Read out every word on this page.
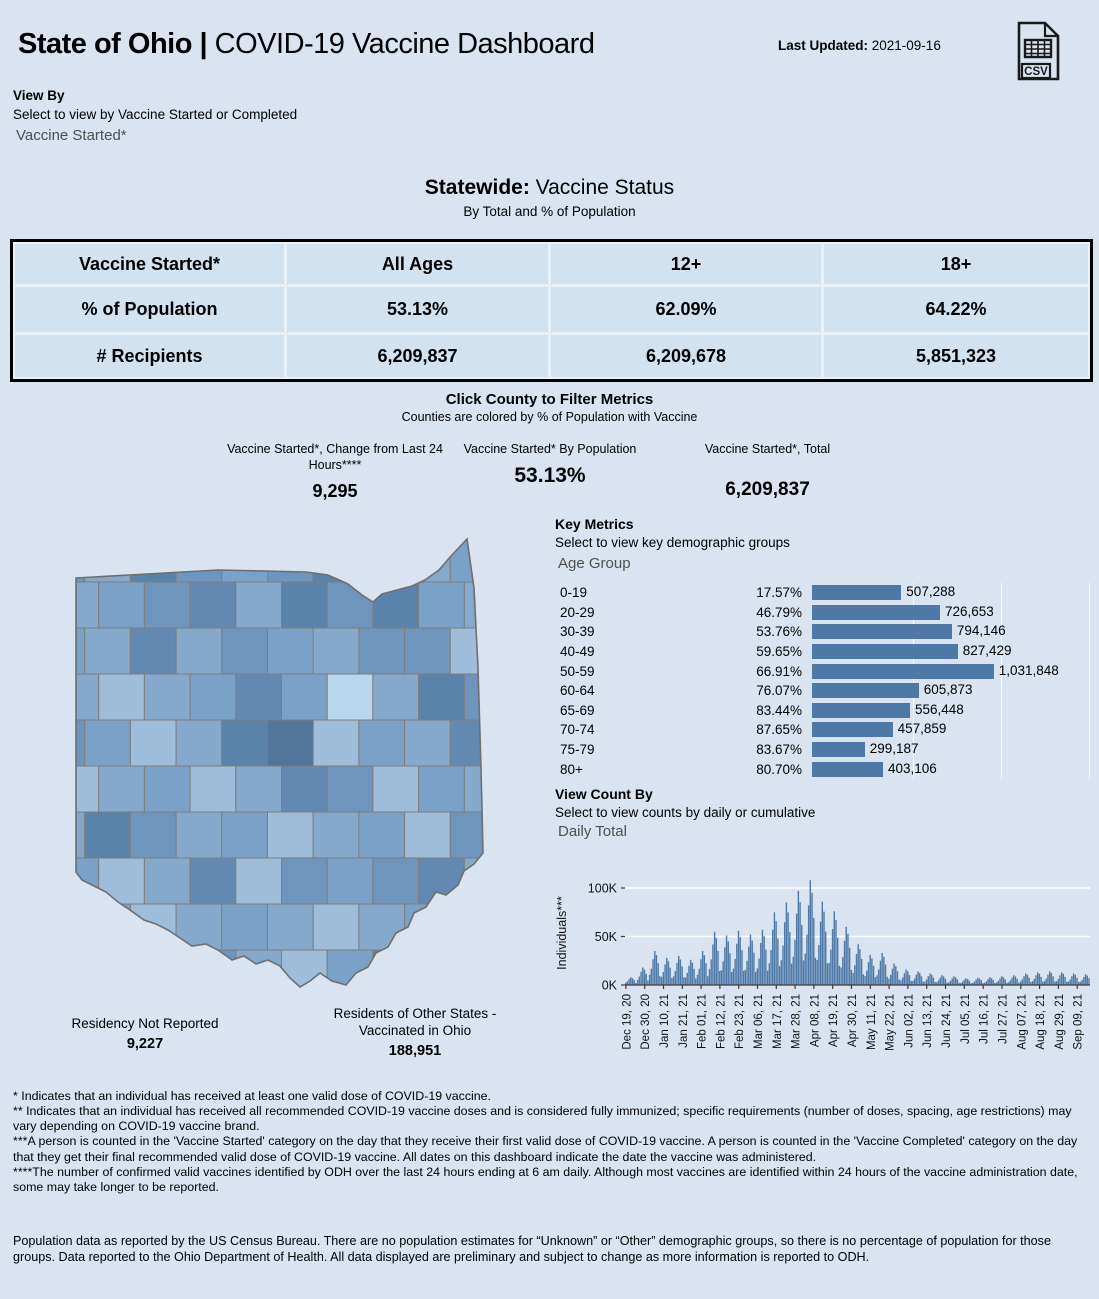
State of Ohio | COVID-19 Vaccine Dashboard	Last Updated: 2021-09-16
CSV
View By
Select to view by Vaccine Started or Completed
Vaccine Started*
Statewide: Vaccine Status
By Total and % of Population
Vaccine Started*	All Ages	12+	18+
% of Population	53.13%	62.09%	64.22%
# Recipients	6,209,837	6,209,678	5,851,323
Click County to Filter Metrics
Counties are colored by % of Population with Vaccine
Vaccine Started*, Change from Last 24 Hours****
9,295
Vaccine Started* By Population
53.13%
Vaccine Started*, Total
6,209,837
Key Metrics
Select to view key demographic groups
Age Group
0-19	17.57%	507,288
20-29	46.79%	726,653
30-39	53.76%	794,146
40-49	59.65%	827,429
50-59	66.91%	1,031,848
60-64	76.07%	605,873
65-69	83.44%	556,448
70-74	87.65%	457,859
75-79	83.67%	299,187
80+	80.70%	403,106
View Count By
Select to view counts by daily or cumulative
Daily Total
0K
50K
100K
Individuals***
Dec 19, 20 Dec 30, 20 Jan 10, 21 Jan 21, 21 Feb 01, 21 Feb 12, 21 Feb 23, 21 Mar 06, 21 Mar 17, 21 Mar 28, 21 Apr 08, 21 Apr 19, 21 Apr 30, 21 May 11, 21 May 22, 21 Jun 02, 21 Jun 13, 21 Jun 24, 21 Jul 05, 21 Jul 16, 21 Jul 27, 21 Aug 07, 21 Aug 18, 21 Aug 29, 21 Sep 09, 21
Residency Not Reported
9,227
Residents of Other States -
Vaccinated in Ohio
188,951
* Indicates that an individual has received at least one valid dose of COVID-19 vaccine.
** Indicates that an individual has received all recommended COVID-19 vaccine doses and is considered fully immunized; specific requirements (number of doses, spacing, age restrictions) may vary depending on COVID-19 vaccine brand.
***A person is counted in the 'Vaccine Started' category on the day that they receive their first valid dose of COVID-19 vaccine. A person is counted in the 'Vaccine Completed' category on the day that they get their final recommended valid dose of COVID-19 vaccine. All dates on this dashboard indicate the date the vaccine was administered.
****The number of confirmed valid vaccines identified by ODH over the last 24 hours ending at 6 am daily. Although most vaccines are identified within 24 hours of the vaccine administration date, some may take longer to be reported.
Population data as reported by the US Census Bureau. There are no population estimates for “Unknown” or “Other” demographic groups, so there is no percentage of population for those groups. Data reported to the Ohio Department of Health. All data displayed are preliminary and subject to change as more information is reported to ODH.
